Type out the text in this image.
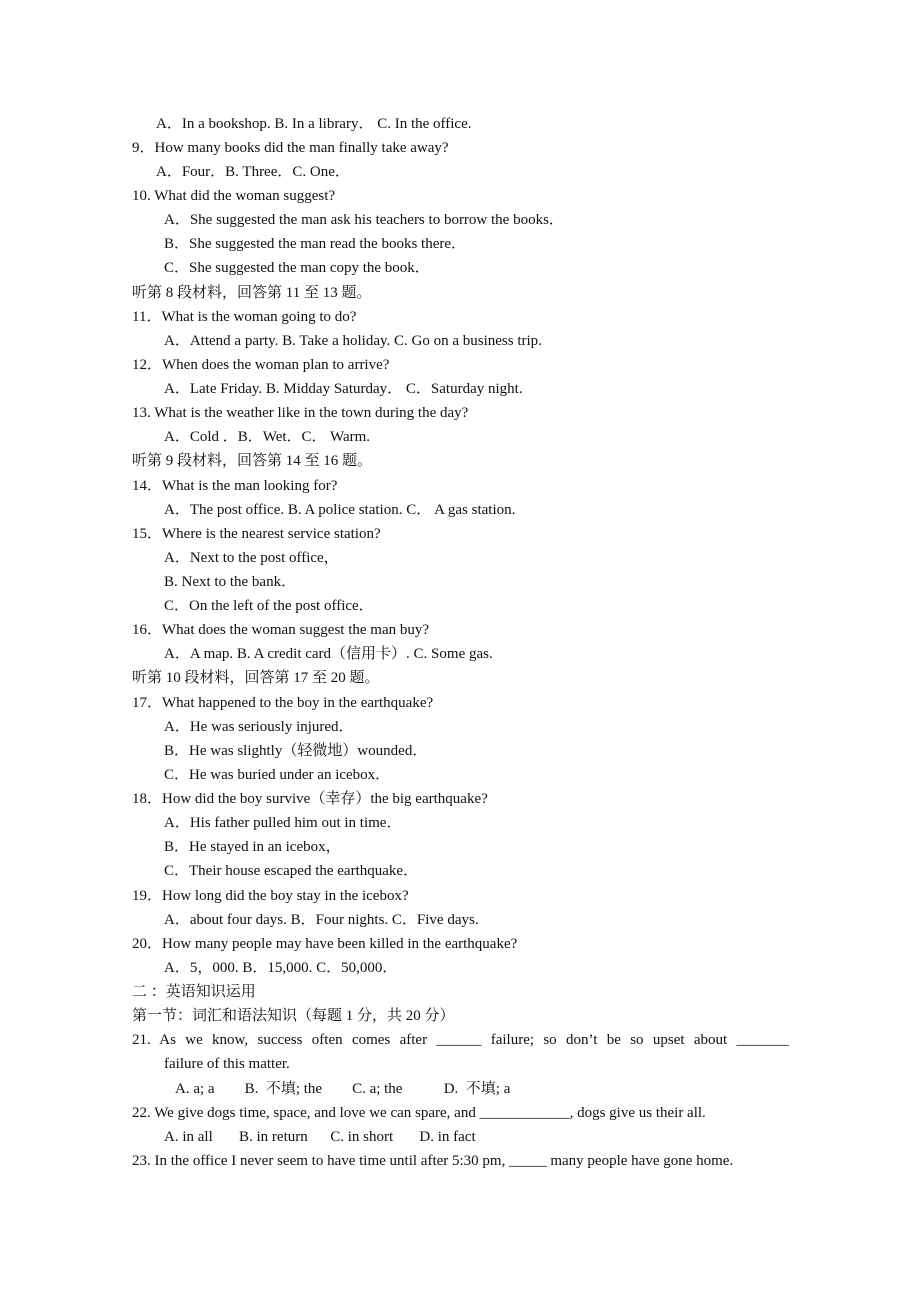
A．In a bookshop. B. In a library． C. In the office.
9．How many books did the man finally take away?
A．Four．B. Three．C. One．
10. What did the woman suggest?
A．She suggested the man ask his teachers to borrow the books．
B．She suggested the man read the books there．
C．She suggested the man copy the book．
听第 8 段材料，回答第 11 至 13 题。
11．What is the woman going to do?
A．Attend a party. B. Take a holiday. C. Go on a business trip.
12．When does the woman plan to arrive?
A．Late Friday. B. Midday Saturday． C．Saturday night.
13. What is the weather like in the town during the day?
A．Cold ．B．Wet．C． Warm.
听第 9 段材料，回答第 14 至 16 题。
14．What is the man looking for?
A．The post office. B. A police station. C． A gas station.
15．Where is the nearest service station?
A．Next to the post office，
B. Next to the bank．
C．On the left of the post office．
16．What does the woman suggest the man buy?
A．A map. B. A credit card（信用卡）. C. Some gas.
听第 10 段材料，回答第 17 至 20 题。
17．What happened to the boy in the earthquake?
A．He was seriously injured．
B．He was slightly（轻微地）wounded．
C．He was buried under an icebox．
18．How did the boy survive（幸存）the big earthquake?
A．His father pulled him out in time．
B．He stayed in an icebox，
C．Their house escaped the earthquake．
19．How long did the boy stay in the icebox?
A．about four days. B．Four nights. C．Five days.
20．How many people may have been killed in the earthquake?
A．5，000. B．15,000. C．50,000．
二 ：英语知识运用
第一节：词汇和语法知识（每题 1 分，共 20 分）
21. As we know, success often comes after ______ failure; so don’t be so upset about _______
failure of this matter.
A. a; a        B.  不填; the        C. a; the           D.  不填; a
22. We give dogs time, space, and love we can spare, and ____________, dogs give us their all.
A. in all       B. in return      C. in short       D. in fact
23. In the office I never seem to have time until after 5:30 pm, _____ many people have gone home.
